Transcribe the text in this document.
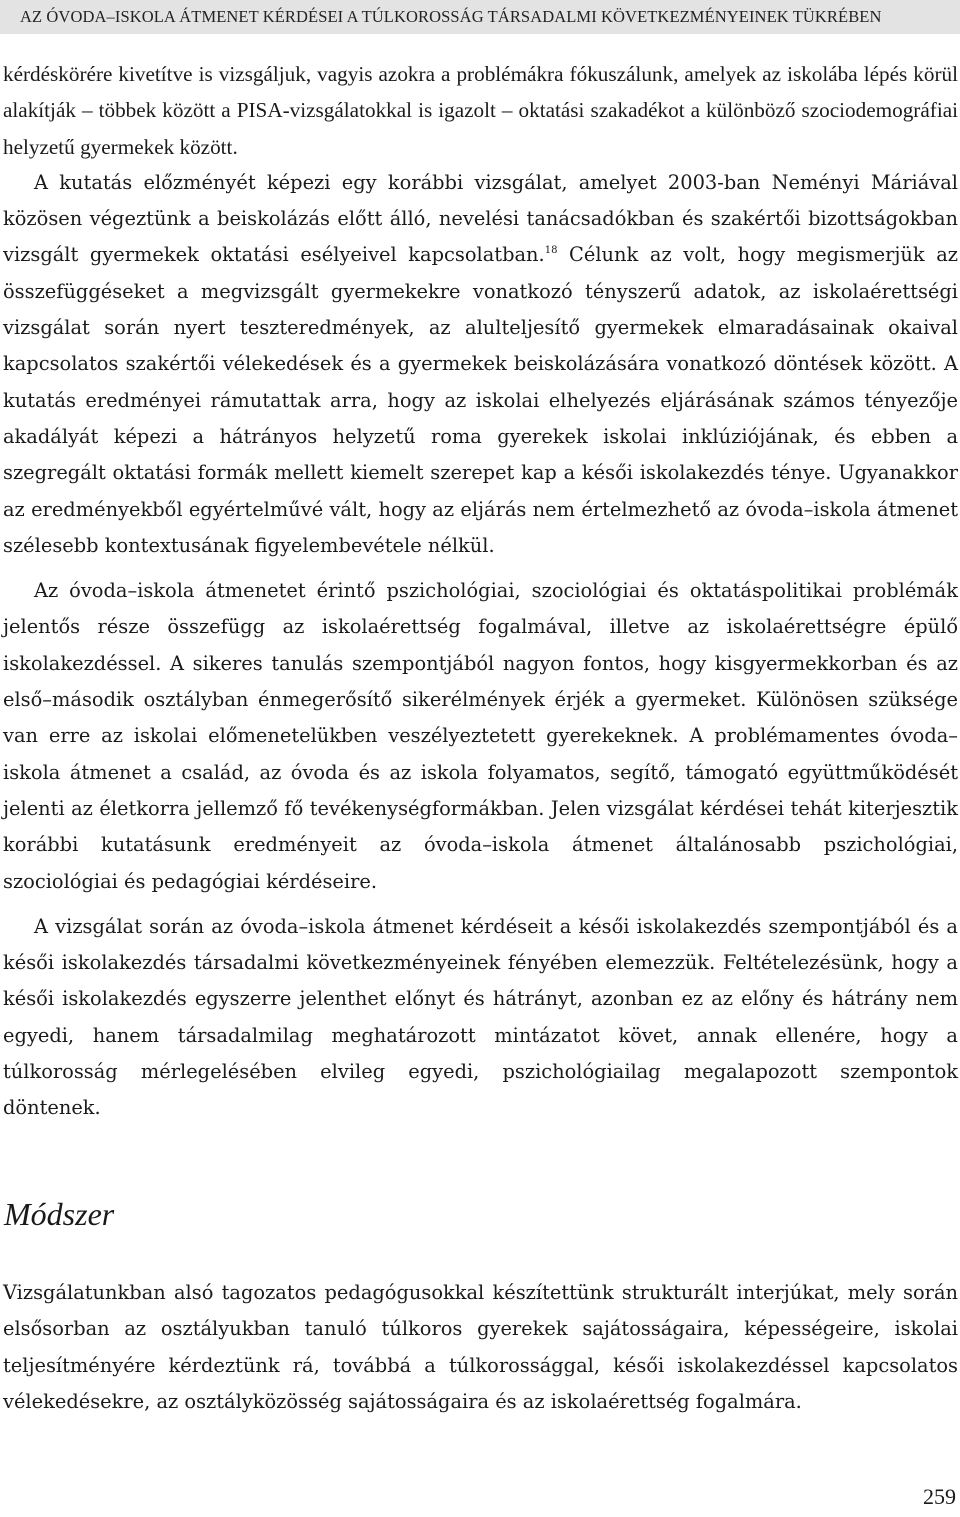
AZ ÓVODA–ISKOLA ÁTMENET KÉRDÉSEI A TÚLKOROSSÁG TÁRSADALMI KÖVETKEZMÉNYEINEK TÜKRÉBEN

kérdéskörére kivetítve is vizsgáljuk, vagyis azokra a problémákra fókuszálunk, amelyek az iskolába lépés körül alakítják – többek között a PISA-vizsgálatokkal is igazolt – oktatási szakadékot a különböző szociodemográfiai helyzetű gyermekek között.

A kutatás előzményét képezi egy korábbi vizsgálat, amelyet 2003-ban Neményi Máriával közösen végeztünk a beiskolázás előtt álló, nevelési tanácsadókban és szakértői bizottságokban vizsgált gyermekek oktatási esélyeivel kapcsolatban.$^{18}$ Célunk az volt, hogy megismerjük az összefüggéseket a megvizsgált gyermekekre vonatkozó tényszerű adatok, az iskolaérettségi vizsgálat során nyert teszteredmények, az alulteljesítő gyermekek elmaradásainak okaival kapcsolatos szakértői vélekedések és a gyermekek beiskolázására vonatkozó döntések között. A kutatás eredményei rámutattak arra, hogy az iskolai elhelyezés eljárásának számos tényezője akadályát képezi a hátrányos helyzetű roma gyerekek iskolai inklúziójának, és ebben a szegregált oktatási formák mellett kiemelt szerepet kap a késői iskolakezdés ténye. Ugyanakkor az eredményekből egyértelművé vált, hogy az eljárás nem értelmezhető az óvoda–iskola átmenet szélesebb kontextusának figyelembevétele nélkül.

Az óvoda–iskola átmenetet érintő pszichológiai, szociológiai és oktatáspolitikai problémák jelentős része összefügg az iskolaérettség fogalmával, illetve az iskolaérettségre épülő iskolakezdéssel. A sikeres tanulás szempontjából nagyon fontos, hogy kisgyermekkorban és az első–második osztályban énmegerősítő sikerélmények érjék a gyermeket. Különösen szüksége van erre az iskolai előmenetelükben veszélyeztetett gyerekeknek. A problémamentes óvoda–iskola átmenet a család, az óvoda és az iskola folyamatos, segítő, támogató együttműködését jelenti az életkorra jellemző fő tevékenységformákban. Jelen vizsgálat kérdései tehát kiterjesztik korábbi kutatásunk eredményeit az óvoda–iskola átmenet általánosabb pszichológiai, szociológiai és pedagógiai kérdéseire.

A vizsgálat során az óvoda–iskola átmenet kérdéseit a késői iskolakezdés szempontjából és a késői iskolakezdés társadalmi következményeinek fényében elemezzük. Feltételezésünk, hogy a késői iskolakezdés egyszerre jelenthet előnyt és hátrányt, azonban ez az előny és hátrány nem egyedi, hanem társadalmilag meghatározott mintázatot követ, annak ellenére, hogy a túlkorosság mérlegelésében elvileg egyedi, pszichológiailag megalapozott szempontok döntenek.

Módszer

Vizsgálatunkban alsó tagozatos pedagógusokkal készítettünk strukturált interjúkat, mely során elsősorban az osztályukban tanuló túlkoros gyerekek sajátosságaira, képességeire, iskolai teljesítményére kérdeztünk rá, továbbá a túlkorossággal, késői iskolakezdéssel kapcsolatos vélekedésekre, az osztályközösség sajátosságaira és az iskolaérettség fogalmára.

259
